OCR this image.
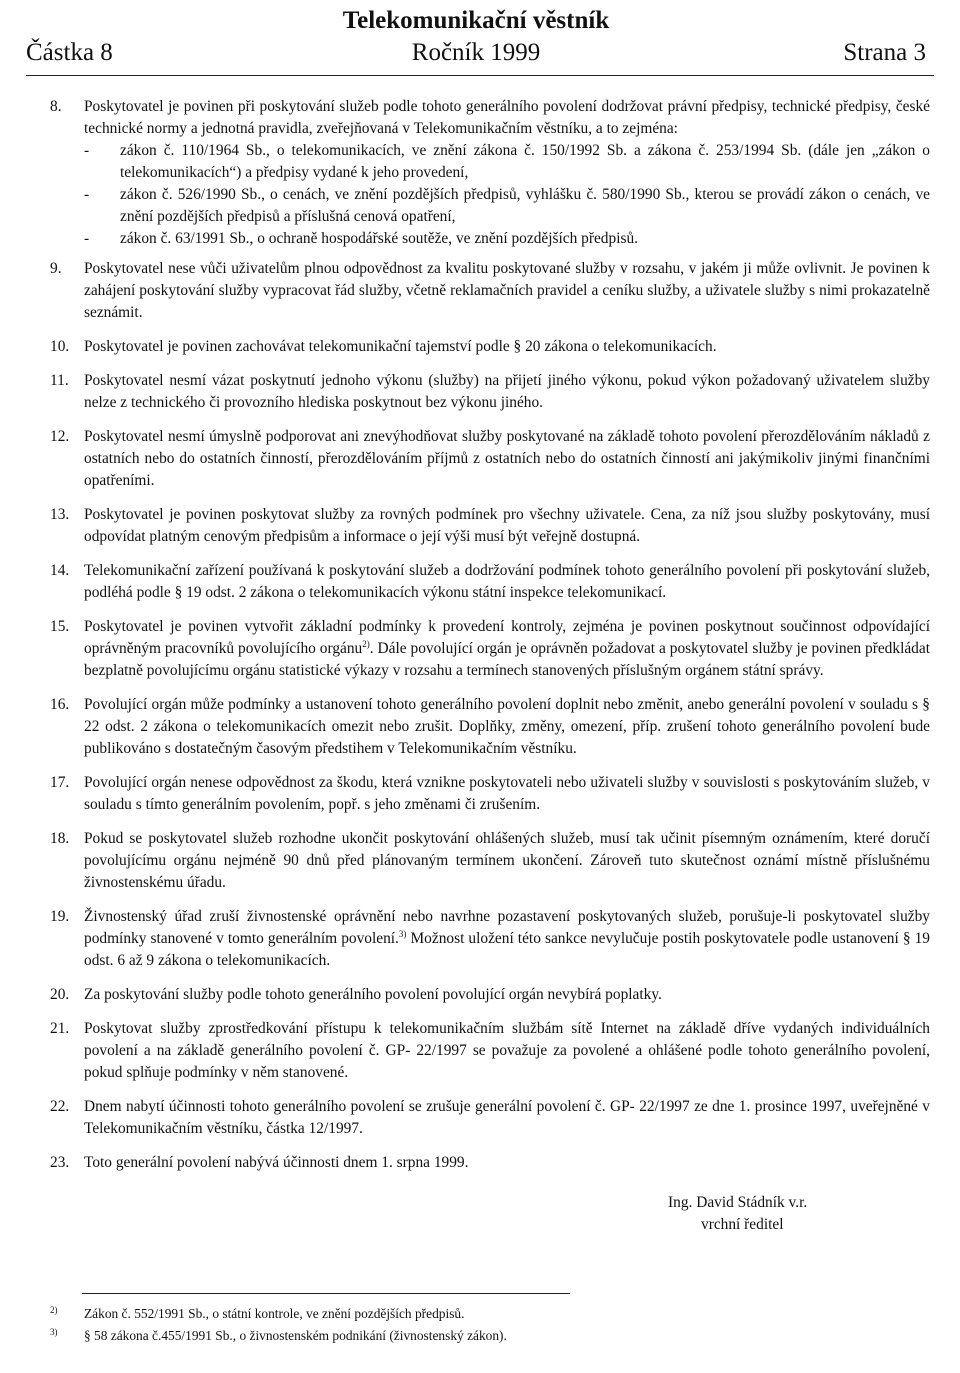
Telekomunikační věstník
Částka 8	Ročník 1999	Strana 3
8.	Poskytovatel je povinen při poskytování služeb podle tohoto generálního povolení dodržovat právní předpisy, technické předpisy, české technické normy a jednotná pravidla, zveřejňovaná v Telekomunikačním věstníku, a to zejména:
-	zákon č. 110/1964 Sb., o telekomunikacích, ve znění zákona č. 150/1992 Sb. a zákona č. 253/1994 Sb. (dále jen „zákon o telekomunikacích“) a předpisy vydané k jeho provedení,
-	zákon č. 526/1990 Sb., o cenách, ve znění pozdějších předpisů, vyhlášku č. 580/1990 Sb., kterou se provádí zákon o cenách, ve znění pozdějších předpisů a příslušná cenová opatření,
-	zákon č. 63/1991 Sb., o ochraně hospodářské soutěže, ve znění pozdějších předpisů.
9.	Poskytovatel nese vůči uživatelům plnou odpovědnost za kvalitu poskytované služby v rozsahu, v jakém ji může ovlivnit. Je povinen k zahájení poskytování služby vypracovat řád služby, včetně reklamačních pravidel a ceníku služby, a uživatele služby s nimi prokazatelně seznámit.
10. Poskytovatel je povinen zachovávat telekomunikační tajemství podle § 20 zákona o telekomunikacích.
11. Poskytovatel nesmí vázat poskytnutí jednoho výkonu (služby) na přijetí jiného výkonu, pokud výkon požadovaný uživatelem služby nelze z technického či provozního hlediska poskytnout bez výkonu jiného.
12. Poskytovatel nesmí úmyslně podporovat ani znevýhodňovat služby poskytované na základě tohoto povolení přerozdělováním nákladů z ostatních nebo do ostatních činností, přerozdělováním příjmů z ostatních nebo do ostatních činností ani jakýmikoliv jinými finančními opatřeními.
13. Poskytovatel je povinen poskytovat služby za rovných podmínek pro všechny uživatele. Cena, za níž jsou služby poskytovány, musí odpovídat platným cenovým předpisům a informace o její výši musí být veřejně dostupná.
14. Telekomunikační zařízení používaná k poskytování služeb a dodržování podmínek tohoto generálního povolení při poskytování služeb, podléhá podle § 19 odst. 2 zákona o telekomunikacích výkonu státní inspekce telekomunikací.
15. Poskytovatel je povinen vytvořit základní podmínky k provedení kontroly, zejména je povinen poskytnout součinnost odpovídající oprávněným pracovníků povolujícího orgánu$^{2)}$. Dále povolující orgán je oprávněn požadovat a poskytovatel služby je povinen předkládat bezplatně povolujícímu orgánu statistické výkazy v rozsahu a termínech stanovených příslušným orgánem státní správy.
16. Povolující orgán může podmínky a ustanovení tohoto generálního povolení doplnit nebo změnit, anebo generální povolení v souladu s § 22 odst. 2 zákona o telekomunikacích omezit nebo zrušit. Doplňky, změny, omezení, příp. zrušení tohoto generálního povolení bude publikováno s dostatečným časovým předstihem v Telekomunikačním věstníku.
17. Povolující orgán nenese odpovědnost za škodu, která vznikne poskytovateli nebo uživateli služby v souvislosti s poskytováním služeb, v souladu s tímto generálním povolením, popř. s jeho změnami či zrušením.
18. Pokud se poskytovatel služeb rozhodne ukončit poskytování ohlášených služeb, musí tak učinit písemným oznámením, které doručí povolujícímu orgánu nejméně 90 dnů před plánovaným termínem ukončení. Zároveň tuto skutečnost oznámí místně příslušnému živnostenskému úřadu.
19. Živnostenský úřad zruší živnostenské oprávnění nebo navrhne pozastavení poskytovaných služeb, porušuje-li poskytovatel služby podmínky stanovené v tomto generálním povolení.$^{3)}$ Možnost uložení této sankce nevylučuje postih poskytovatele podle ustanovení § 19 odst. 6 až 9 zákona o telekomunikacích.
20. Za poskytování služby podle tohoto generálního povolení povolující orgán nevybírá poplatky.
21. Poskytovat služby zprostředkování přístupu k telekomunikačním službám sítě Internet na základě dříve vydaných individuálních povolení a na základě generálního povolení č. GP- 22/1997 se považuje za povolené a ohlášené podle tohoto generálního povolení, pokud splňuje podmínky v něm stanovené.
22. Dnem nabytí účinnosti tohoto generálního povolení se zrušuje generální povolení č. GP- 22/1997 ze dne 1. prosince 1997, uveřejněné v Telekomunikačním věstníku, částka 12/1997.
23. Toto generální povolení nabývá účinnosti dnem 1. srpna 1999.
Ing. David Stádník v.r.
vrchní ředitel
2)	Zákon č. 552/1991 Sb., o státní kontrole, ve znění pozdějších předpisů.
3)	§ 58 zákona č.455/1991 Sb., o živnostenském podnikání (živnostenský zákon).
